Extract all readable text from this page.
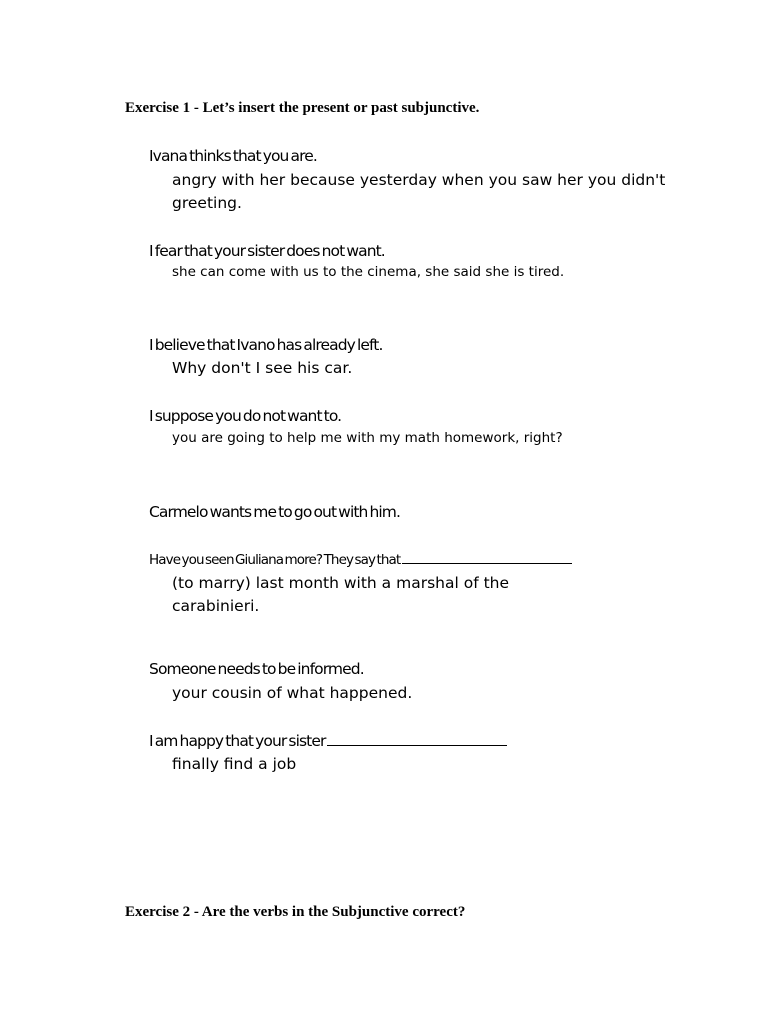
Exercise 1 - Let’s insert the present or past subjunctive.
Ivana thinks that you are.
angry with her because yesterday when you saw her you didn't
greeting.
I fear that your sister does not want.
she can come with us to the cinema, she said she is tired.
I believe that Ivano has already left.
Why don't I see his car.
I suppose you do not want to.
you are going to help me with my math homework, right?
Carmelo wants me to go out with him.
Have you seen Giuliana more? They say that
(to marry) last month with a marshal of the
carabinieri.
Someone needs to be informed.
your cousin of what happened.
I am happy that your sister
finally find a job
Exercise 2 - Are the verbs in the Subjunctive correct?
